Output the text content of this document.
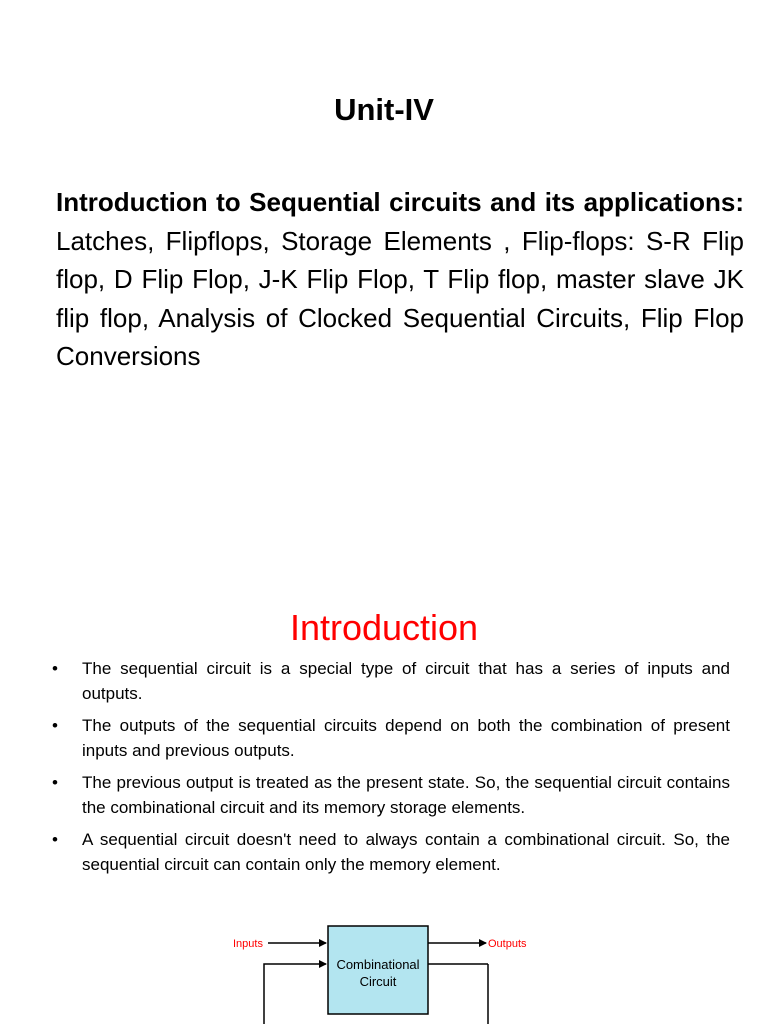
Unit-IV
Introduction to Sequential circuits and its applications: Latches, Flipflops, Storage Elements , Flip-flops: S-R Flip flop, D Flip Flop, J-K Flip Flop, T Flip flop, master slave JK flip flop, Analysis of Clocked Sequential Circuits, Flip Flop Conversions
Introduction
• The sequential circuit is a special type of circuit that has a series of inputs and outputs.
• The outputs of the sequential circuits depend on both the combination of present inputs and previous outputs.
• The previous output is treated as the present state. So, the sequential circuit contains the combinational circuit and its memory storage elements.
• A sequential circuit doesn't need to always contain a combinational circuit. So, the sequential circuit can contain only the memory element.
Combinational
Circuit
Inputs	Outputs
